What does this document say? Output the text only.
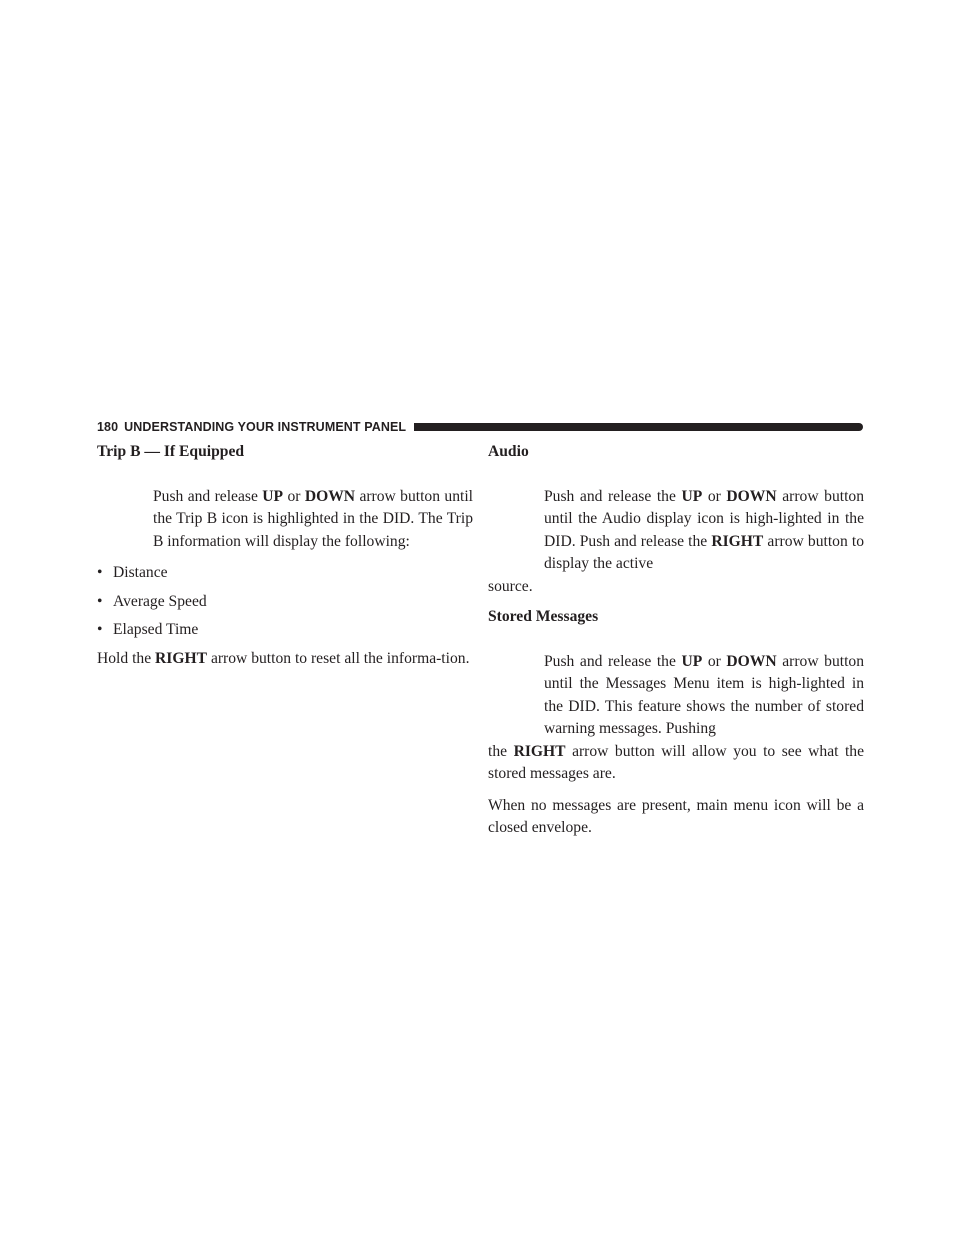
180 UNDERSTANDING YOUR INSTRUMENT PANEL
Trip B — If Equipped

Push and release UP or DOWN arrow button until the Trip B icon is highlighted in the DID. The Trip B information will display the following:

• Distance
• Average Speed
• Elapsed Time

Hold the RIGHT arrow button to reset all the informa-tion.

Audio

Push and release the UP or DOWN arrow button until the Audio display icon is high-lighted in the DID. Push and release the RIGHT arrow button to display the active

source.

Stored Messages

Push and release the UP or DOWN arrow button until the Messages Menu item is high-lighted in the DID. This feature shows the number of stored warning messages. Pushing

the RIGHT arrow button will allow you to see what the stored messages are.

When no messages are present, main menu icon will be a closed envelope.
